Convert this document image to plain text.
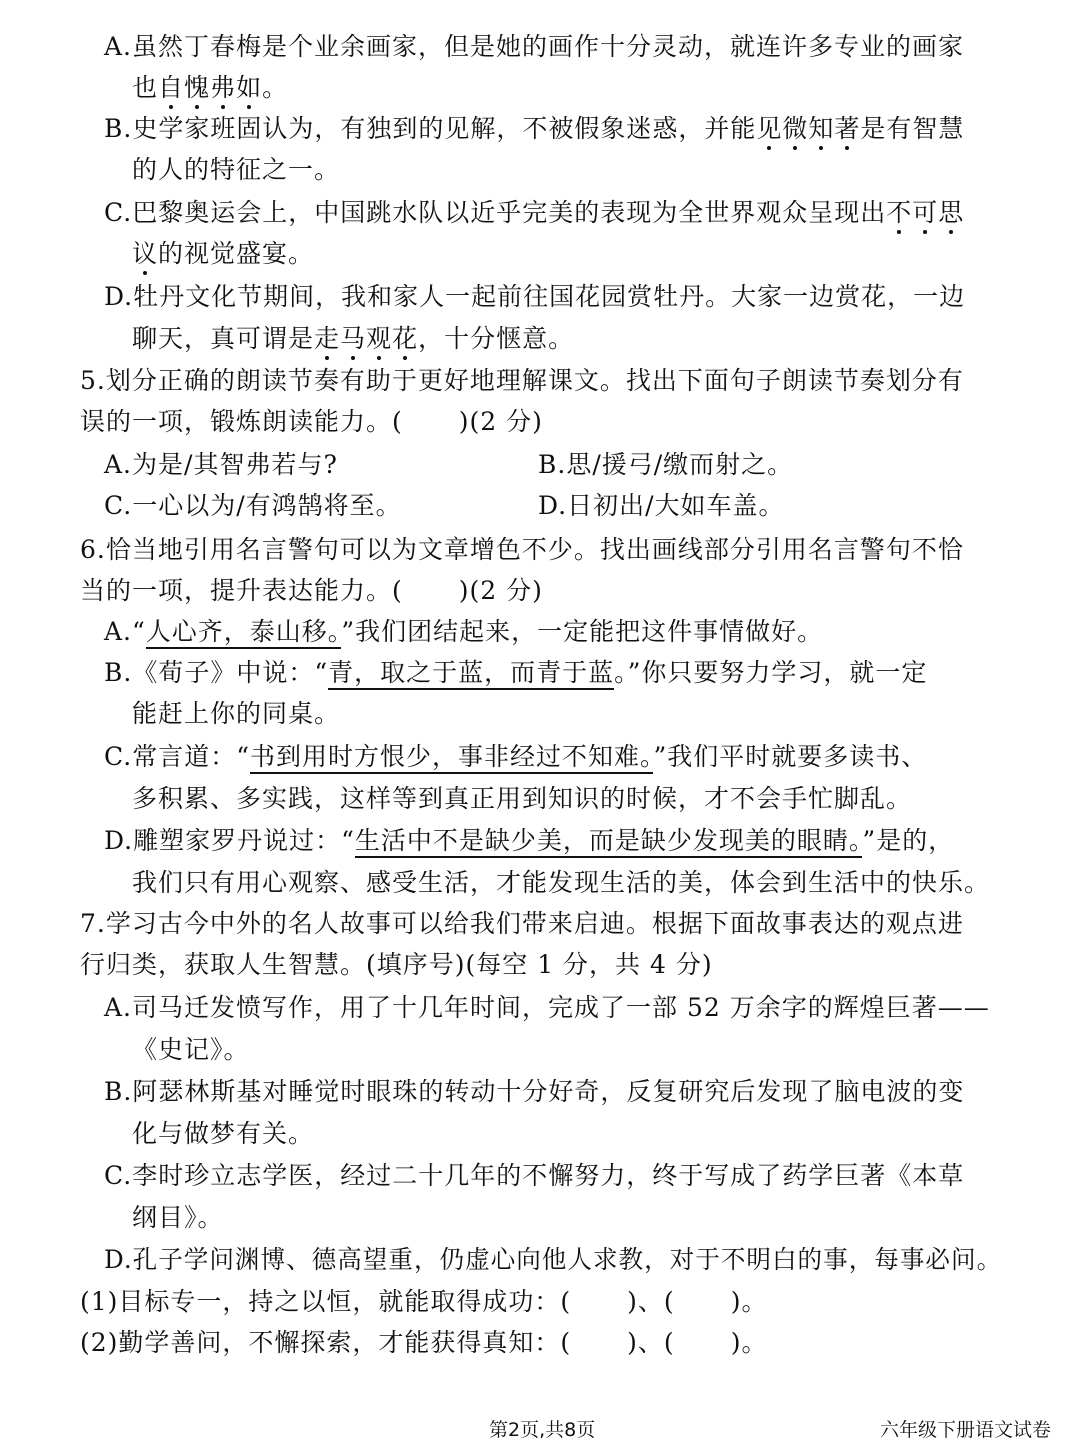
A.虽然丁春梅是个业余画家，但是她的画作十分灵动，就连许多专业的画家
也自愧弗如。
B.史学家班固认为，有独到的见解，不被假象迷惑，并能见微知著是有智慧
的人的特征之一。
C.巴黎奥运会上，中国跳水队以近乎完美的表现为全世界观众呈现出不可思
议的视觉盛宴。
D.牡丹文化节期间，我和家人一起前往国花园赏牡丹。大家一边赏花，一边
聊天，真可谓是走马观花，十分惬意。
5.划分正确的朗读节奏有助于更好地理解课文。找出下面句子朗读节奏划分有
误的一项，锻炼朗读能力。( )(2 分)
A.为是/其智弗若与?	B.思/援弓/缴而射之。
C.一心以为/有鸿鹄将至。	D.日初出/大如车盖。
6.恰当地引用名言警句可以为文章增色不少。找出画线部分引用名言警句不恰
当的一项，提升表达能力。( )(2 分)
A.“人心齐，泰山移。”我们团结起来，一定能把这件事情做好。
B.《荀子》中说：“青，取之于蓝，而青于蓝。”你只要努力学习，就一定
能赶上你的同桌。
C.常言道：“书到用时方恨少，事非经过不知难。”我们平时就要多读书、
多积累、多实践，这样等到真正用到知识的时候，才不会手忙脚乱。
D.雕塑家罗丹说过：“生活中不是缺少美，而是缺少发现美的眼睛。”是的，
我们只有用心观察、感受生活，才能发现生活的美，体会到生活中的快乐。
7.学习古今中外的名人故事可以给我们带来启迪。根据下面故事表达的观点进
行归类，获取人生智慧。(填序号)(每空 1 分，共 4 分)
A.司马迁发愤写作，用了十几年时间，完成了一部 52 万余字的辉煌巨著——
《史记》。
B.阿瑟林斯基对睡觉时眼珠的转动十分好奇，反复研究后发现了脑电波的变
化与做梦有关。
C.李时珍立志学医，经过二十几年的不懈努力，终于写成了药学巨著《本草
纲目》。
D.孔子学问渊博、德高望重，仍虚心向他人求教，对于不明白的事，每事必问。
(1)目标专一，持之以恒，就能取得成功：( )、( )。
(2)勤学善问，不懈探索，才能获得真知：( )、( )。
第2页,共8页	六年级下册语文试卷
